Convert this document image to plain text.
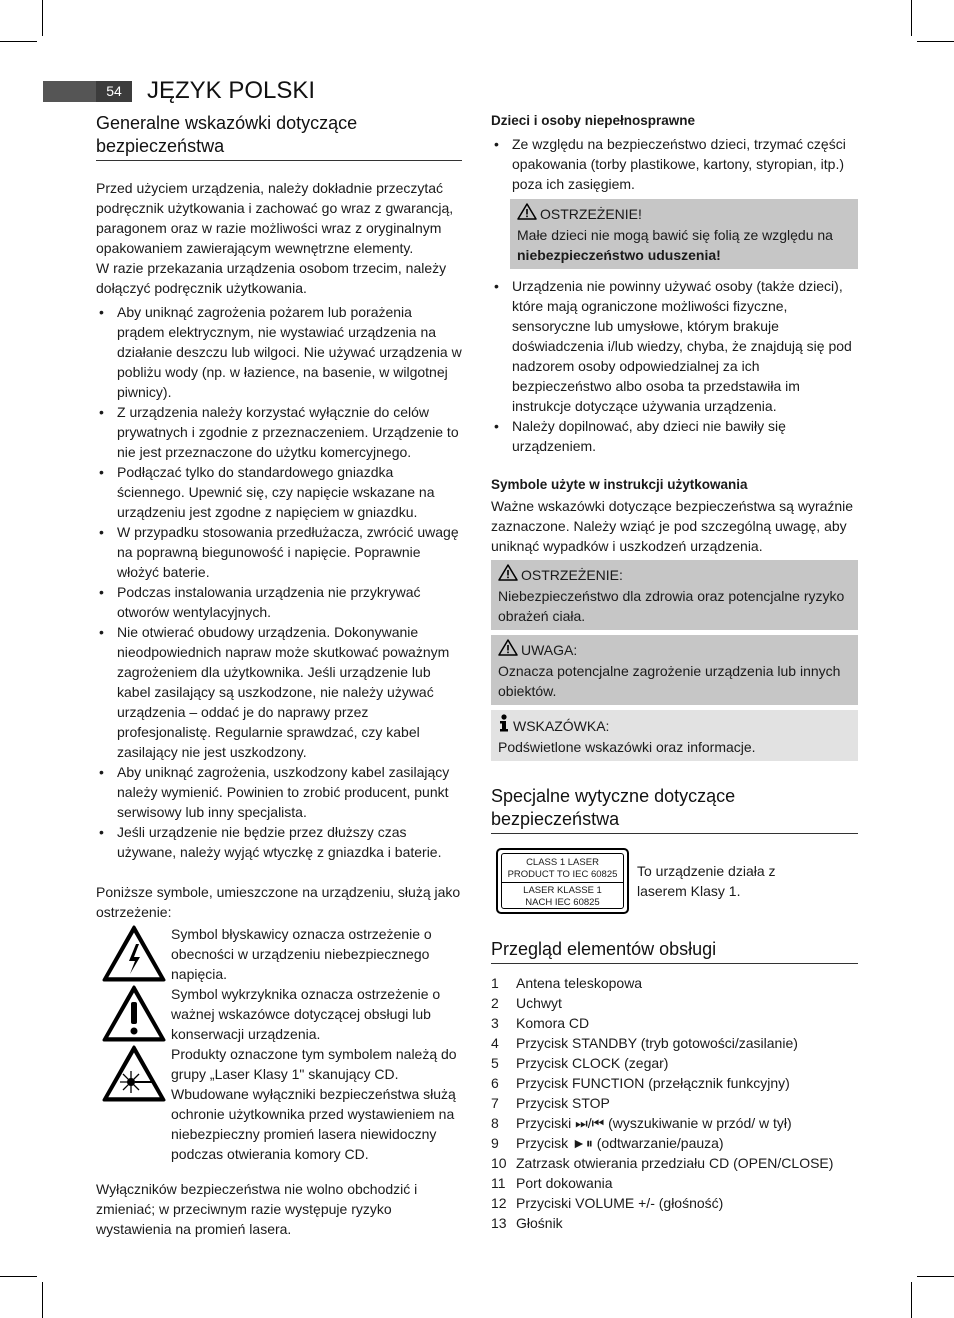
54	JĘZYK POLSKI
Generalne wskazówki dotyczące bezpieczeństwa

Przed użyciem urządzenia, należy dokładnie przeczytać podręcznik użytkowania i zachować go wraz z gwarancją, paragonem oraz w razie możliwości wraz z oryginalnym opakowaniem zawierającym wewnętrzne elementy.

W razie przekazania urządzenia osobom trzecim, należy dołączyć podręcznik użytkowania.

• Aby uniknąć zagrożenia pożarem lub porażenia prądem elektrycznym, nie wystawiać urządzenia na działanie deszczu lub wilgoci. Nie używać urządzenia w pobliżu wody (np. w łazience, na basenie, w wilgotnej piwnicy).
• Z urządzenia należy korzystać wyłącznie do celów prywatnych i zgodnie z przeznaczeniem. Urządzenie to nie jest przeznaczone do użytku komercyjnego.
• Podłączać tylko do standardowego gniazdka ściennego. Upewnić się, czy napięcie wskazane na urządzeniu jest zgodne z napięciem w gniazdku.
• W przypadku stosowania przedłużacza, zwrócić uwagę na poprawną biegunowość i napięcie. Poprawnie włożyć baterie.
• Podczas instalowania urządzenia nie przykrywać otworów wentylacyjnych.
• Nie otwierać obudowy urządzenia. Dokonywanie nieodpowiednich napraw może skutkować poważnym zagrożeniem dla użytkownika. Jeśli urządzenie lub kabel zasilający są uszkodzone, nie należy używać urządzenia – oddać je do naprawy przez profesjonalistę. Regularnie sprawdzać, czy kabel zasilający nie jest uszkodzony.
• Aby uniknąć zagrożenia, uszkodzony kabel zasilający należy wymienić. Powinien to zrobić producent, punkt serwisowy lub inny specjalista.
• Jeśli urządzenie nie będzie przez dłuższy czas używane, należy wyjąć wtyczkę z gniazdka i baterie.

Poniższe symbole, umieszczone na urządzeniu, służą jako ostrzeżenie:

Symbol błyskawicy oznacza ostrzeżenie o obecności w urządzeniu niebezpiecznego napięcia.
Symbol wykrzyknika oznacza ostrzeżenie o ważnej wskazówce dotyczącej obsługi lub konserwacji urządzenia.
Produkty oznaczone tym symbolem należą do grupy „Laser Klasy 1" skanujący CD. Wbudowane wyłączniki bezpieczeństwa służą ochronie użytkownika przed wystawieniem na niebezpieczny promień lasera niewidoczny podczas otwierania komory CD.

Wyłączników bezpieczeństwa nie wolno obchodzić i zmieniać; w przeciwnym razie występuje ryzyko wystawienia na promień lasera.

Dzieci i osoby niepełnosprawne
• Ze względu na bezpieczeństwo dzieci, trzymać części opakowania (torby plastikowe, kartony, styropian, itp.) poza ich zasięgiem.
OSTRZEŻENIE!
Małe dzieci nie mogą bawić się folią ze względu na niebezpieczeństwo uduszenia!
• Urządzenia nie powinny używać osoby (także dzieci), które mają ograniczone możliwości fizyczne, sensoryczne lub umysłowe, którym brakuje doświadczenia i/lub wiedzy, chyba, że znajdują się pod nadzorem osoby odpowiedzialnej za ich bezpieczeństwo albo osoba ta przedstawiła im instrukcje dotyczące używania urządzenia.
• Należy dopilnować, aby dzieci nie bawiły się urządzeniem.
Symbole użyte w instrukcji użytkowania

Ważne wskazówki dotyczące bezpieczeństwa są wyraźnie zaznaczone. Należy wziąć je pod szczególną uwagę, aby uniknąć wypadków i uszkodzeń urządzenia.

OSTRZEŻENIE:
Niebezpieczeństwo dla zdrowia oraz potencjalne ryzyko obrażeń ciała.
UWAGA:
Oznacza potencjalne zagrożenie urządzenia lub innych obiektów.
WSKAZÓWKA:
Podświetlone wskazówki oraz informacje.
Specjalne wytyczne dotyczące bezpieczeństwa
CLASS 1 LASER
PRODUCT TO IEC 60825
LASER KLASSE 1
NACH IEC 60825
To urządzenie działa z laserem Klasy 1.
Przegląd elementów obsługi
1	Antena teleskopowa
2	Uchwyt
3	Komora CD
4	Przycisk STANDBY (tryb gotowości/zasilanie)
5	Przycisk CLOCK (zegar)
6	Przycisk FUNCTION (przełącznik funkcyjny)
7	Przycisk STOP
8	Przyciski ⏭/⏮ (wyszukiwanie w przód/ w tył)
9	Przycisk ►⏸ (odtwarzanie/pauza)
10 Zatrzask otwierania przedziału CD (OPEN/CLOSE)
11 Port dokowania
12 Przyciski VOLUME +/- (głośność)
13 Głośnik
